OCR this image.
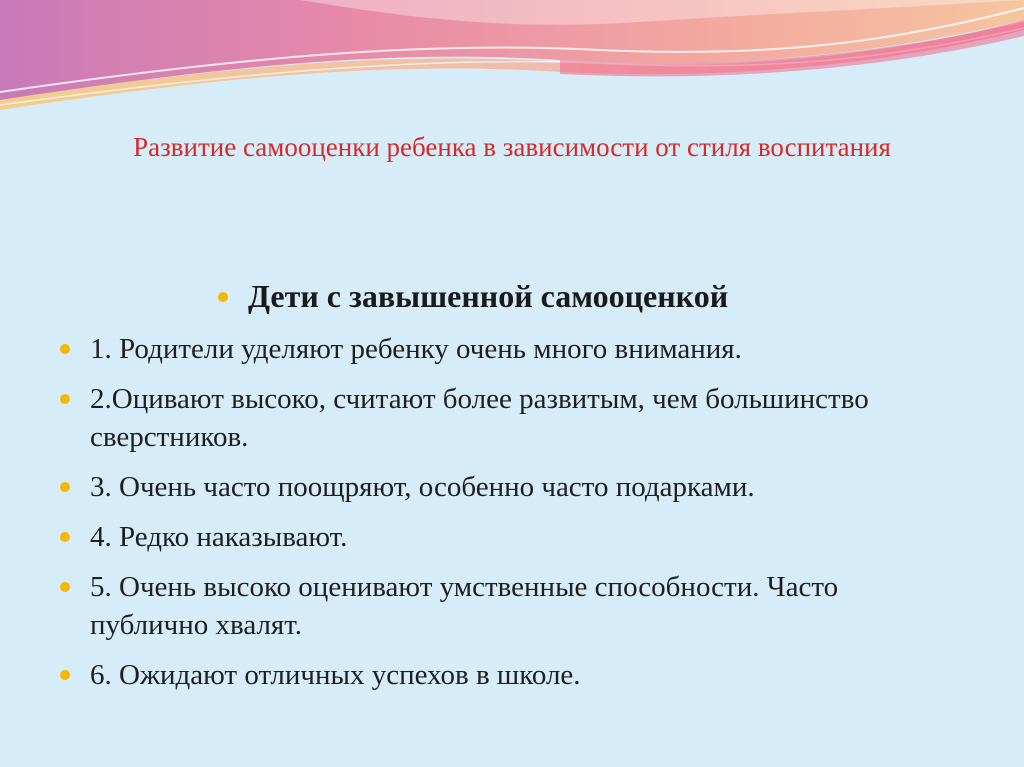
Развитие самооценки ребенка в зависимости от стиля воспитания
Дети с завышенной самооценкой
1. Родители уделяют ребенку очень много внимания.
2.Оцивают высоко, считают более развитым, чем большинство сверстников.
3. Очень часто поощряют, особенно часто подарками.
4. Редко наказывают.
5. Очень высоко оценивают умственные способности. Часто публично хвалят.
6. Ожидают отличных успехов в школе.
